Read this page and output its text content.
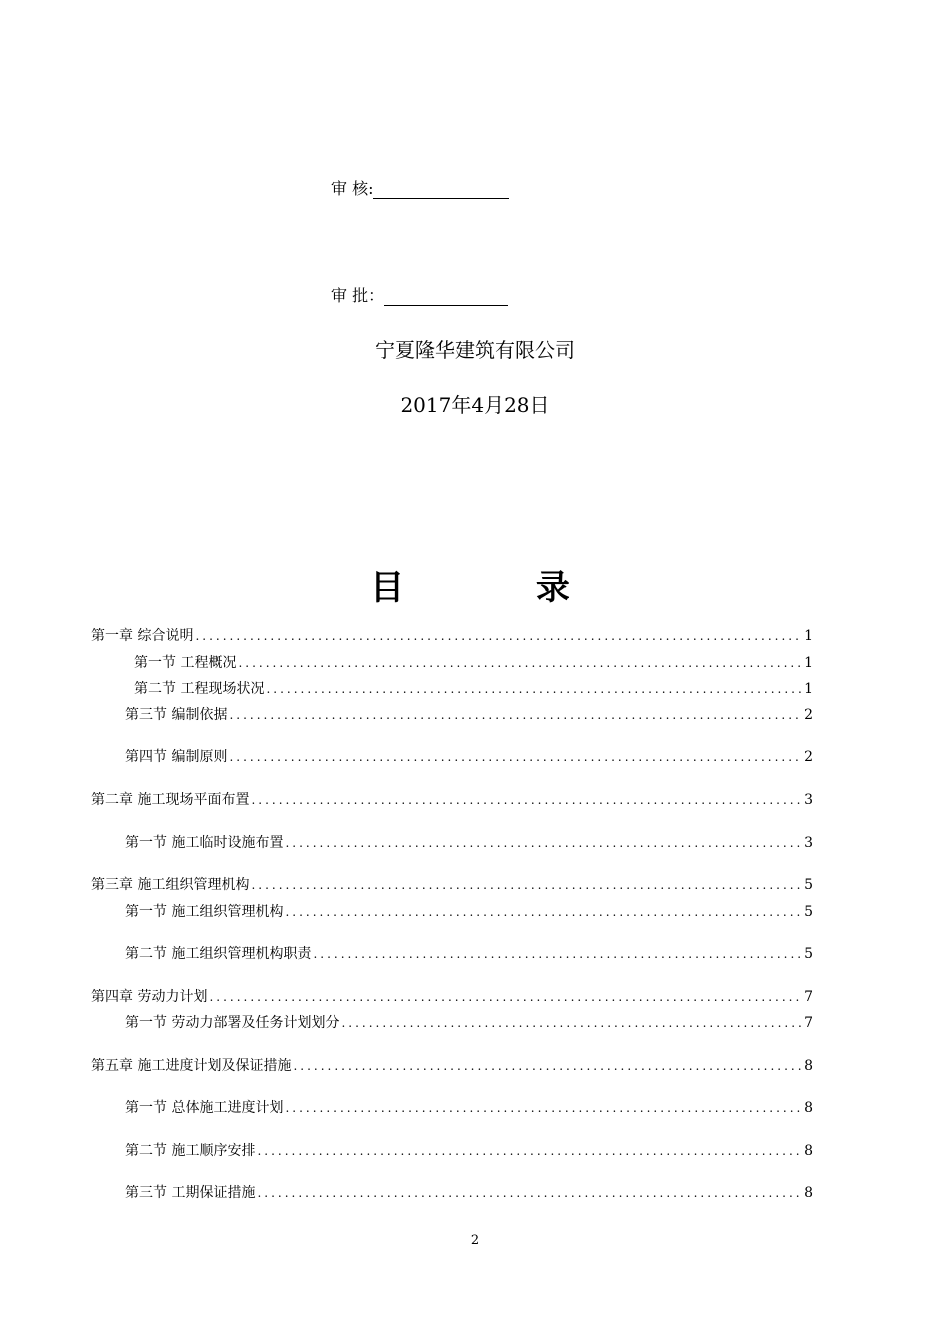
审 核:
审 批：
宁夏隆华建筑有限公司
2017年4月28日
目 录
第一章 综合说明 .....	1
第一节 工程概况 .....	1
第二节 工程现场状况 .....	1
第三节 编制依据 .....	2
第四节 编制原则 .....	2
第二章 施工现场平面布置 .....	3
第一节 施工临时设施布置 .....	3
第三章 施工组织管理机构 .....	5
第一节 施工组织管理机构 .....	5
第二节 施工组织管理机构职责 .....	5
第四章 劳动力计划 .....	7
第一节 劳动力部署及任务计划划分 .....	7
第五章 施工进度计划及保证措施 .....	8
第一节 总体施工进度计划 .....	8
第二节 施工顺序安排 .....	8
第三节 工期保证措施 .....	8
2
